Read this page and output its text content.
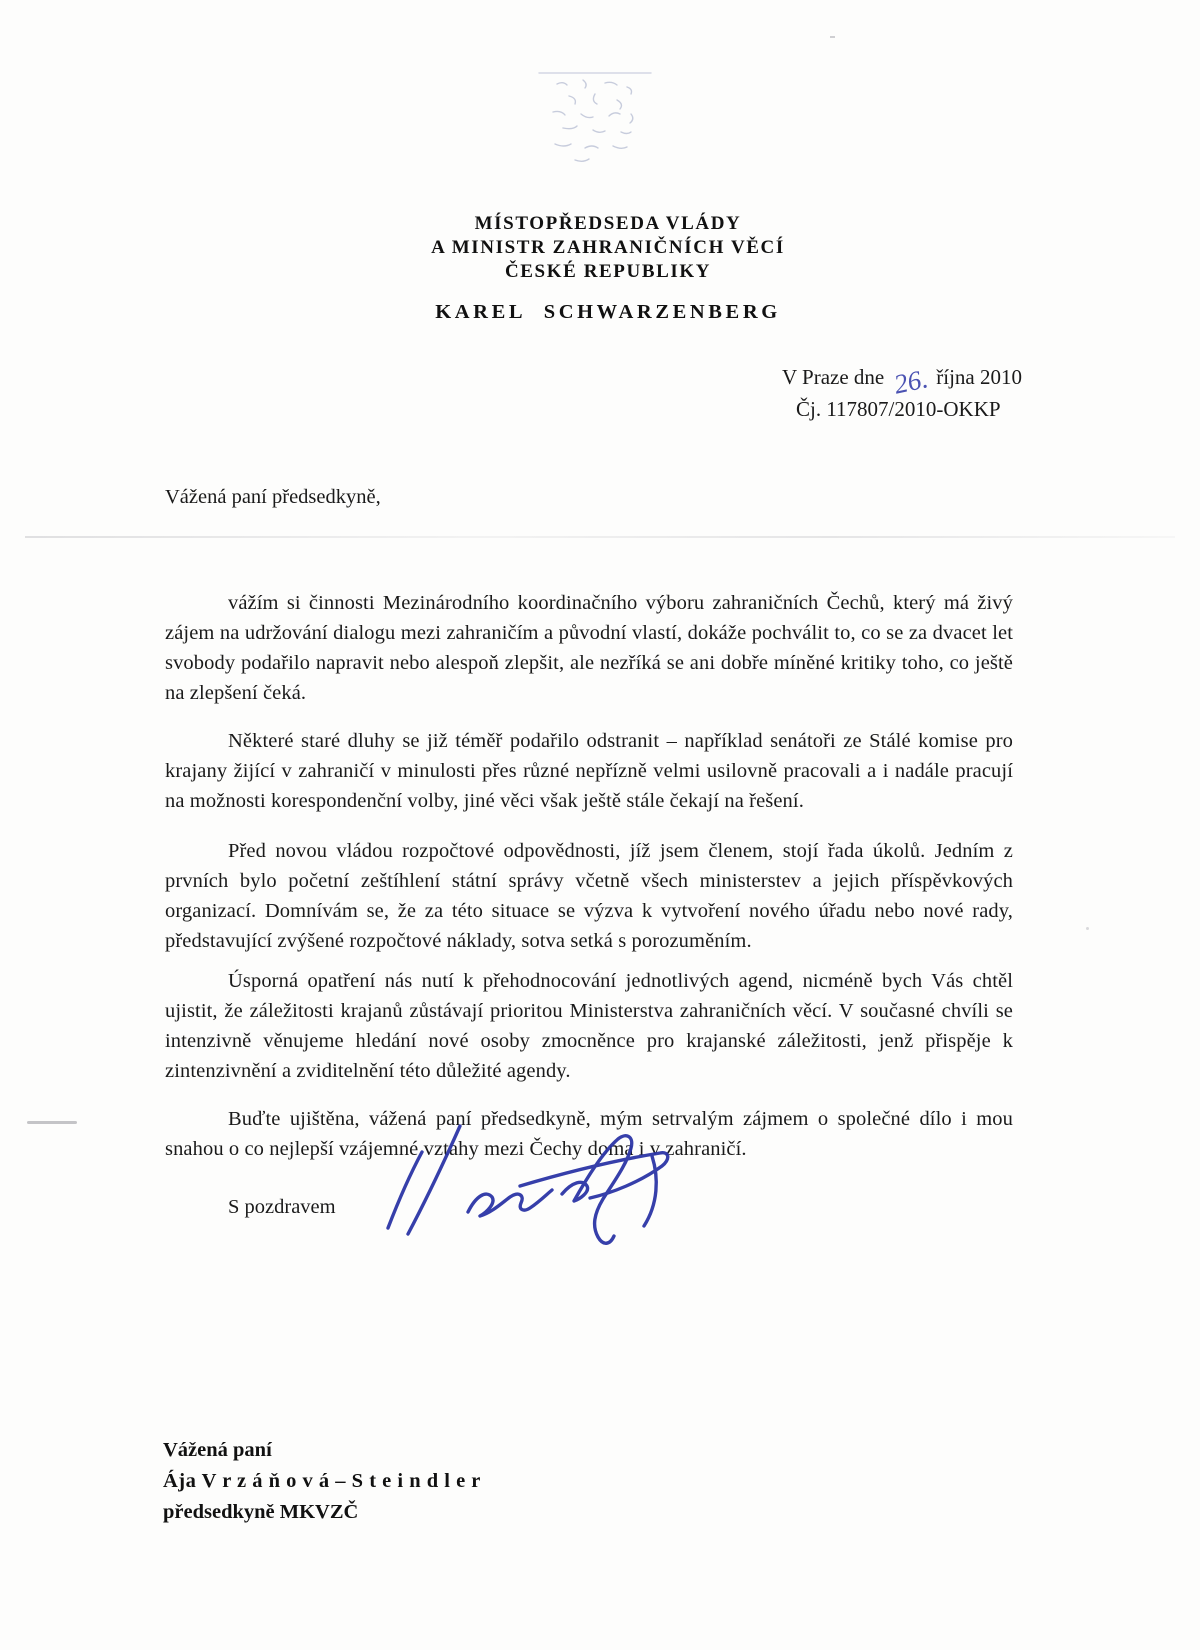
MÍSTOPŘEDSEDA VLÁDY
A MINISTR ZAHRANIČNÍCH VĚCÍ
ČESKÉ REPUBLIKY
KAREL SCHWARZENBERG
V Praze dne 26. října 2010
Čj. 117807/2010-OKKP
Vážená paní předsedkyně,

vážím si činnosti Mezinárodního koordinačního výboru zahraničních Čechů, který má živý zájem na udržování dialogu mezi zahraničím a původní vlastí, dokáže pochválit to, co se za dvacet let svobody podařilo napravit nebo alespoň zlepšit, ale nezříká se ani dobře míněné kritiky toho, co ještě na zlepšení čeká.

Některé staré dluhy se již téměř podařilo odstranit – například senátoři ze Stálé komise pro krajany žijící v zahraničí v minulosti přes různé nepřízně velmi usilovně pracovali a i nadále pracují na možnosti korespondenční volby, jiné věci však ještě stále čekají na řešení.

Před novou vládou rozpočtové odpovědnosti, jíž jsem členem, stojí řada úkolů. Jedním z prvních bylo početní zeštíhlení státní správy včetně všech ministerstev a jejich příspěvkových organizací. Domnívám se, že za této situace se výzva k vytvoření nového úřadu nebo nové rady, představující zvýšené rozpočtové náklady, sotva setká s porozuměním.

Úsporná opatření nás nutí k přehodnocování jednotlivých agend, nicméně bych Vás chtěl ujistit, že záležitosti krajanů zůstávají prioritou Ministerstva zahraničních věcí. V současné chvíli se intenzivně věnujeme hledání nové osoby zmocněnce pro krajanské záležitosti, jenž přispěje k zintenzivnění a zviditelnění této důležité agendy.

Buďte ujištěna, vážená paní předsedkyně, mým setrvalým zájmem o společné dílo i mou snahou o co nejlepší vzájemné vztahy mezi Čechy doma i v zahraničí.

S pozdravem
Vážená paní
Ája V r z á ň o v á – S t e i n d l e r
předsedkyně MKVZČ
